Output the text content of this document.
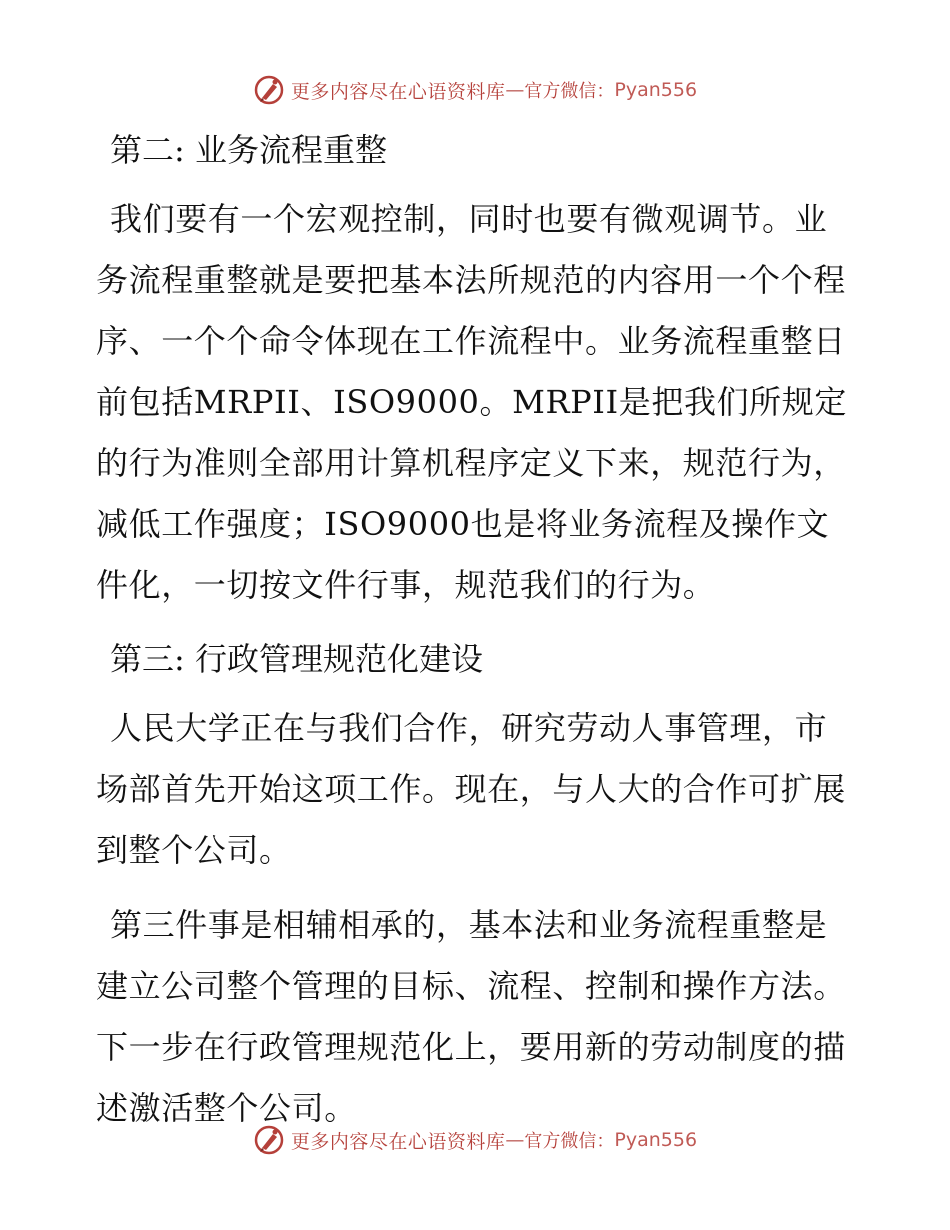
更多内容尽在心语资料库 — 官方微信： Pyan556
第二: 业务流程重整

我们要有一个宏观控制，同时也要有微观调节。业务流程重整就是要把基本法所规范的内容用一个个程序、一个个命令体现在工作流程中。业务流程重整日前包括MRPII、ISO9000。MRPII是把我们所规定的行为准则全部用计算机程序定义下来，规范行为，减低工作强度；ISO9000也是将业务流程及操作文件化，一切按文件行事，规范我们的行为。

第三: 行政管理规范化建设

人民大学正在与我们合作，研究劳动人事管理，市场部首先开始这项工作。现在，与人大的合作可扩展到整个公司。

第三件事是相辅相承的，基本法和业务流程重整是建立公司整个管理的目标、流程、控制和操作方法。下一步在行政管理规范化上，要用新的劳动制度的描述激活整个公司。

更多内容尽在心语资料库 — 官方微信： Pyan556
